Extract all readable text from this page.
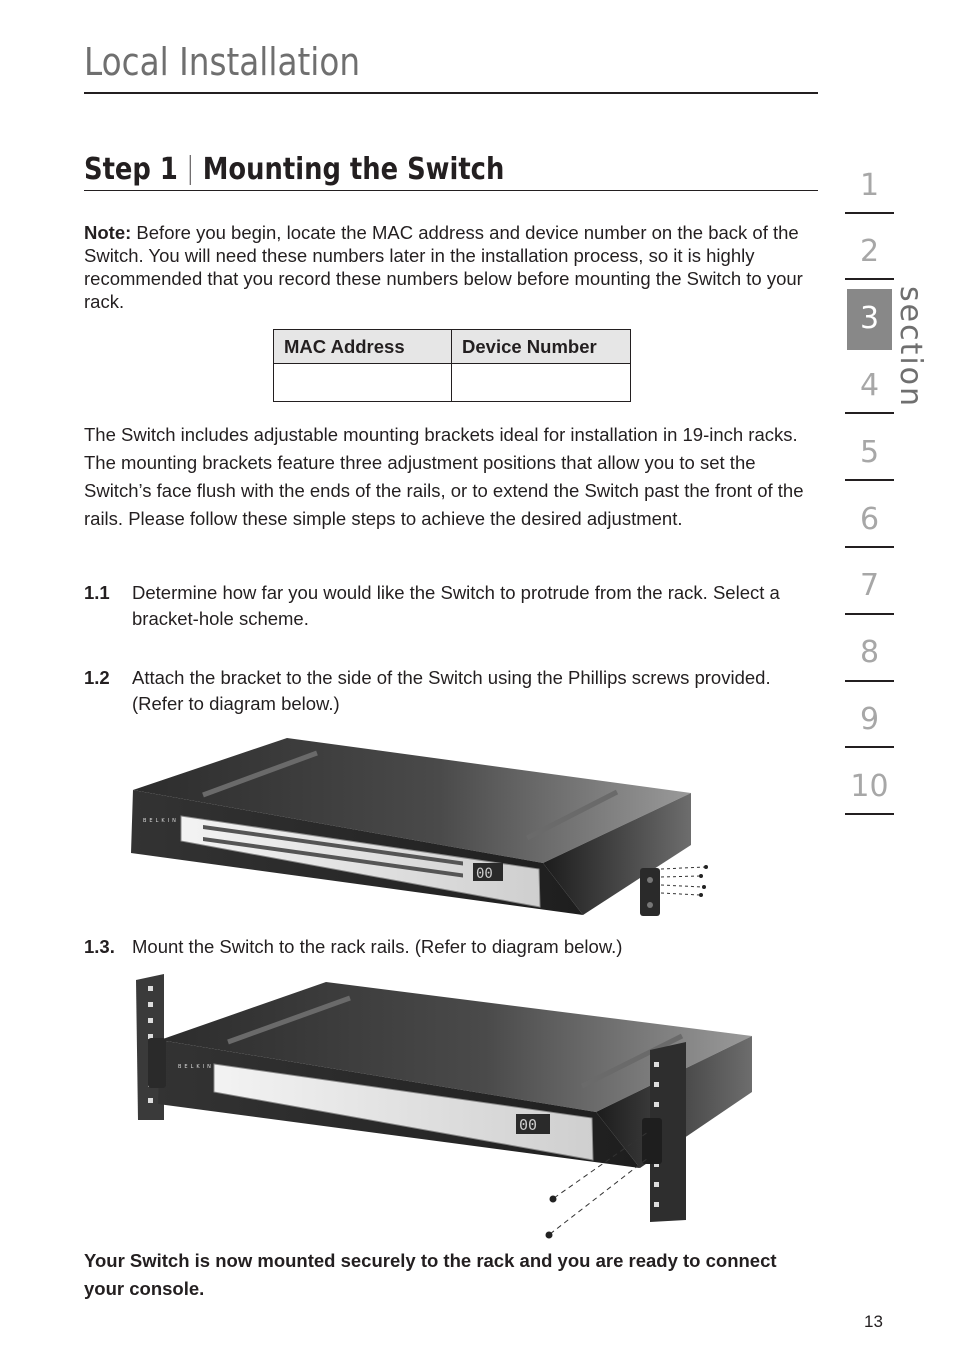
Local Installation
Step 1 Mounting the Switch
Note: Before you begin, locate the MAC address and device number on the back of the Switch. You will need these numbers later in the installation process, so it is highly recommended that you record these numbers below before mounting the Switch to your rack.
MAC Address	Device Number

The Switch includes adjustable mounting brackets ideal for installation in 19-inch racks. The mounting brackets feature three adjustment positions that allow you to set the Switch’s face flush with the ends of the rails, or to extend the Switch past the front of the rails. Please follow these simple steps to achieve the desired adjustment.
1.1 Determine how far you would like the Switch to protrude from the rack. Select a bracket-hole scheme.
1.2 Attach the bracket to the side of the Switch using the Phillips screws provided. (Refer to diagram below.)
BELKIN
00
1.3. Mount the Switch to the rack rails. (Refer to diagram below.)
BELKIN
00
Your Switch is now mounted securely to the rack and you are ready to connect your console.
1
2
3
4
5
6
7
8
9
10
section
13
